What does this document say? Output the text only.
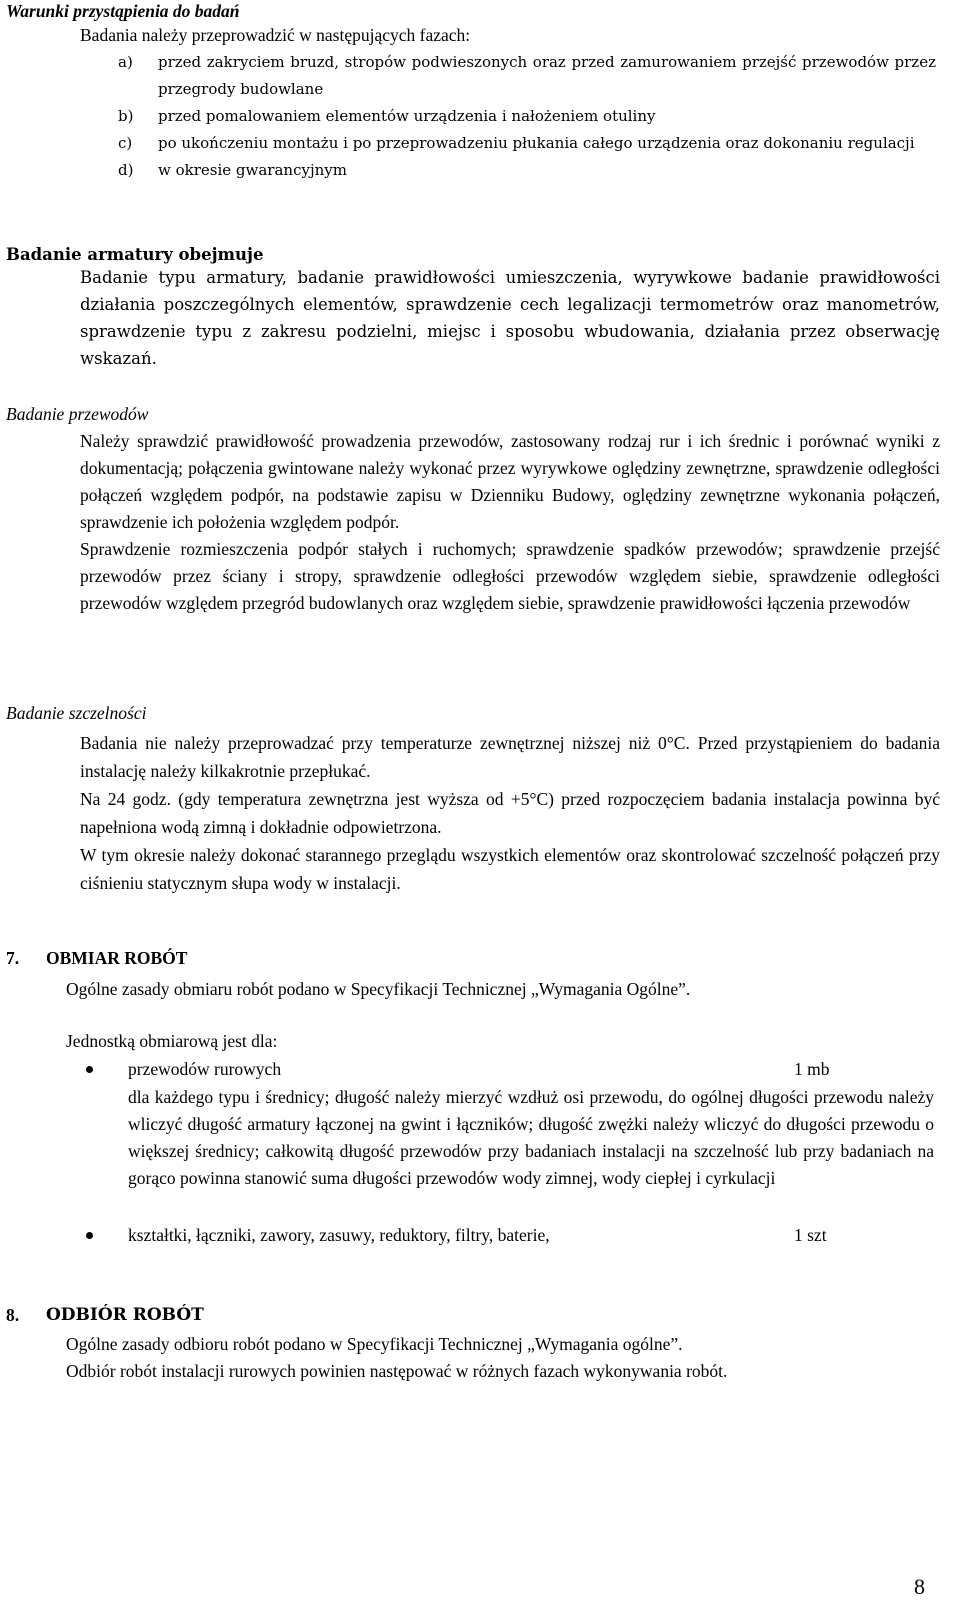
Warunki przystąpienia do badań

Badania należy przeprowadzić w następujących fazach:

a) przed zakryciem bruzd, stropów podwieszonych oraz przed zamurowaniem przejść przewodów przez przegrody budowlane
b) przed pomalowaniem elementów urządzenia i nałożeniem otuliny
c) po ukończeniu montażu i po przeprowadzeniu płukania całego urządzenia oraz dokonaniu regulacji
d) w okresie gwarancyjnym
Badanie armatury obejmuje

Badanie typu armatury, badanie prawidłowości umieszczenia, wyrywkowe badanie prawidłowości działania poszczególnych elementów, sprawdzenie cech legalizacji termometrów oraz manometrów, sprawdzenie typu z zakresu podzielni, miejsc i sposobu wbudowania, działania przez obserwację wskazań.

Badanie przewodów

Należy sprawdzić prawidłowość prowadzenia przewodów, zastosowany rodzaj rur i ich średnic i porównać wyniki z dokumentacją; połączenia gwintowane należy wykonać przez wyrywkowe oględziny zewnętrzne, sprawdzenie odległości połączeń względem podpór, na podstawie zapisu w Dzienniku Budowy, oględziny zewnętrzne wykonania połączeń, sprawdzenie ich położenia względem podpór.

Sprawdzenie rozmieszczenia podpór stałych i ruchomych; sprawdzenie spadków przewodów; sprawdzenie przejść przewodów przez ściany i stropy, sprawdzenie odległości przewodów względem siebie, sprawdzenie odległości przewodów względem przegród budowlanych oraz względem siebie, sprawdzenie prawidłowości łączenia przewodów

Badanie szczelności

Badania nie należy przeprowadzać przy temperaturze zewnętrznej niższej niż 0°C. Przed przystąpieniem do badania instalację należy kilkakrotnie przepłukać.

Na 24 godz. (gdy temperatura zewnętrzna jest wyższa od +5°C) przed rozpoczęciem badania instalacja powinna być napełniona wodą zimną i dokładnie odpowietrzona.

W tym okresie należy dokonać starannego przeglądu wszystkich elementów oraz skontrolować szczelność połączeń przy ciśnieniu statycznym słupa wody w instalacji.

7. OBMIAR ROBÓT

Ogólne zasady obmiaru robót podano w Specyfikacji Technicznej „Wymagania Ogólne”.

Jednostką obmiarową jest dla:

przewodów rurowych	1 mb

dla każdego typu i średnicy; długość należy mierzyć wzdłuż osi przewodu, do ogólnej długości przewodu należy wliczyć długość armatury łączonej na gwint i łączników; długość zwężki należy wliczyć do długości przewodu o większej średnicy; całkowitą długość przewodów przy badaniach instalacji na szczelność lub przy badaniach na gorąco powinna stanowić suma długości przewodów wody zimnej, wody ciepłej i cyrkulacji

kształtki, łączniki, zawory, zasuwy, reduktory, filtry, baterie,	1 szt
8. ODBIÓR ROBÓT

Ogólne zasady odbioru robót podano w Specyfikacji Technicznej „Wymagania ogólne”.

Odbiór robót instalacji rurowych powinien następować w różnych fazach wykonywania robót.

8
